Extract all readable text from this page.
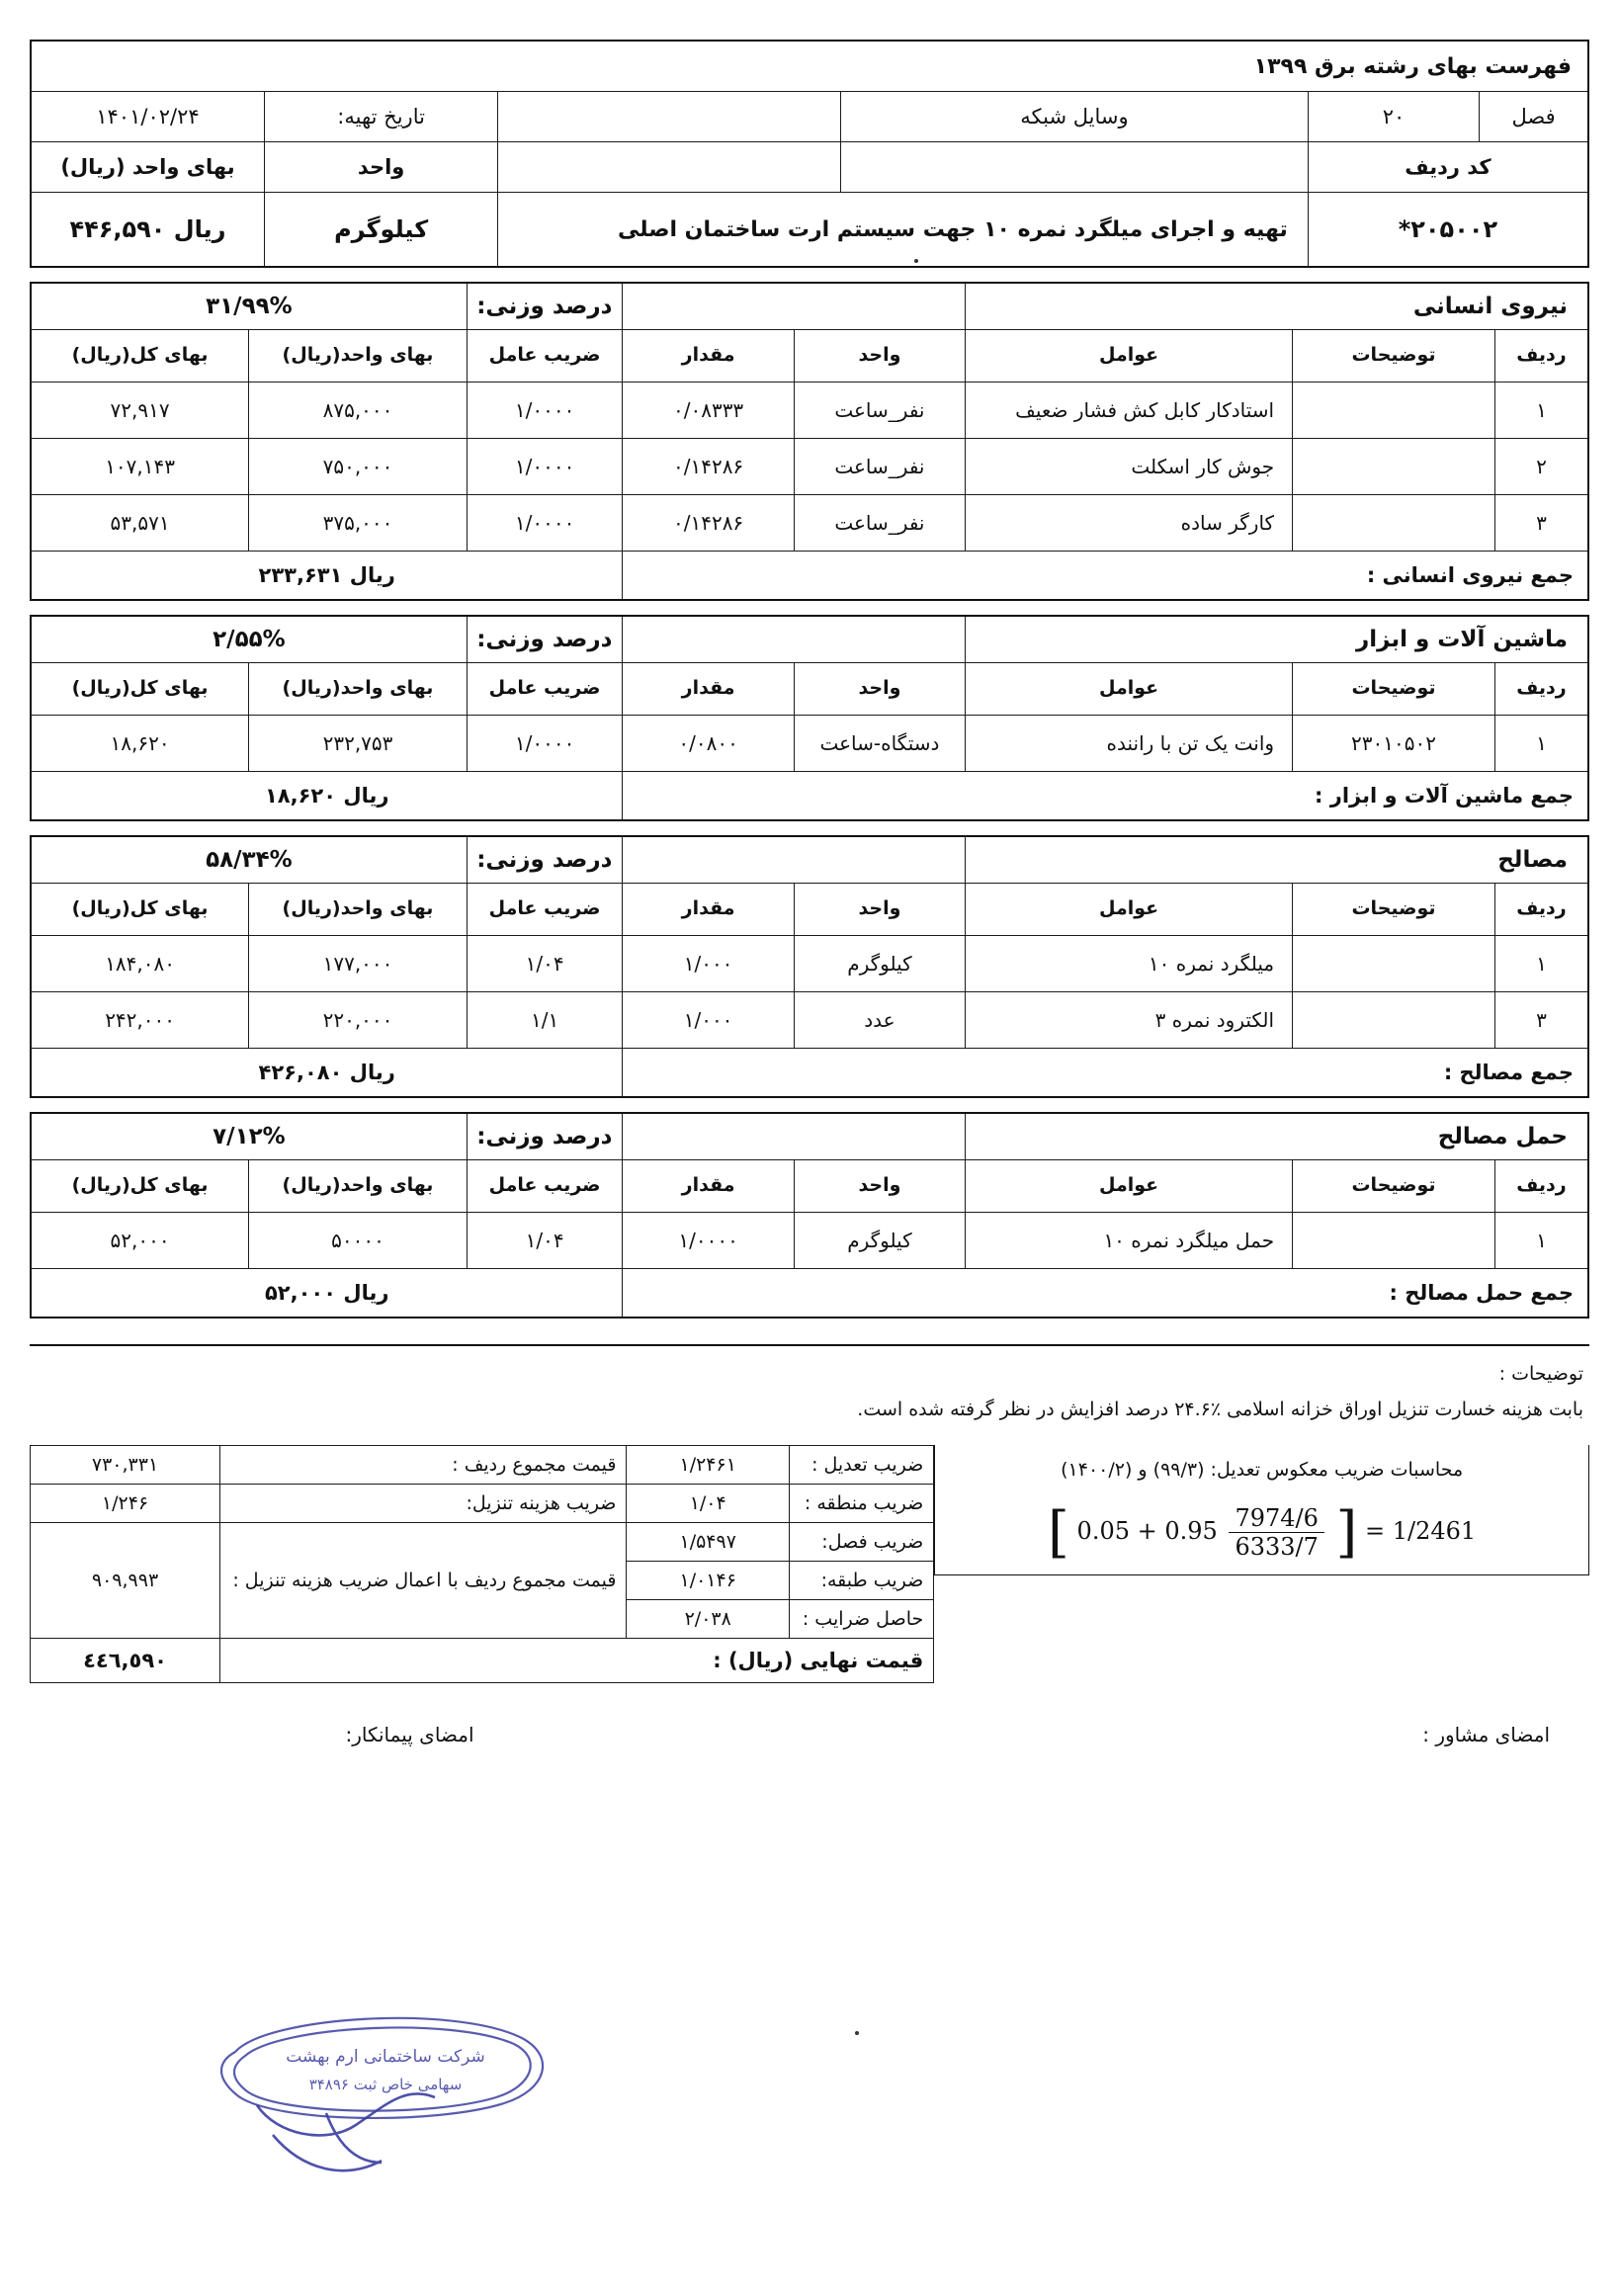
فهرست بهای رشته برق ۱۳۹۹					
فصل	۲۰	وسایل شبکه		تاریخ تهیه:	۱۴۰۱/۰۲/۲۴
کد ردیف				واحد	بهای واحد (ریال)
۲۰۵۰۰۲*		تهیه و اجرای میلگرد نمره ۱۰ جهت سیستم ارت ساختمان اصلی		کیلوگرم	ریال ۴۴۶,۵۹۰
نیروی انسانی					درصد وزنی:	۳۱/۹۹%	
ردیف	توضیحات	عوامل	واحد	مقدار	ضریب عامل	بهای واحد(ریال)	بهای کل(ریال)
۱		استادکار کابل کش فشار ضعیف	نفر_ساعت	۰/۰۸۳۳۳	۱/۰۰۰۰	۸۷۵,۰۰۰	۷۲,۹۱۷
۲		جوش کار اسکلت	نفر_ساعت	۰/۱۴۲۸۶	۱/۰۰۰۰	۷۵۰,۰۰۰	۱۰۷,۱۴۳
۳		کارگر ساده	نفر_ساعت	۰/۱۴۲۸۶	۱/۰۰۰۰	۳۷۵,۰۰۰	۵۳,۵۷۱
جمع نیروی انسانی :					ریال ۲۳۳,۶۳۱		
ماشین آلات و ابزار					درصد وزنی:	۲/۵۵%	
ردیف	توضیحات	عوامل	واحد	مقدار	ضریب عامل	بهای واحد(ریال)	بهای کل(ریال)
۱	۲۳۰۱۰۵۰۲	وانت یک تن با راننده	دستگاه-ساعت	۰/۰۸۰۰	۱/۰۰۰۰	۲۳۲,۷۵۳	۱۸,۶۲۰
جمع ماشین آلات و ابزار :					ریال ۱۸,۶۲۰		
مصالح					درصد وزنی:	۵۸/۳۴%	
ردیف	توضیحات	عوامل	واحد	مقدار	ضریب عامل	بهای واحد(ریال)	بهای کل(ریال)
۱		میلگرد نمره ۱۰	کیلوگرم	۱/۰۰۰	۱/۰۴	۱۷۷,۰۰۰	۱۸۴,۰۸۰
۳		الکترود نمره ۳	عدد	۱/۰۰۰	۱/۱	۲۲۰,۰۰۰	۲۴۲,۰۰۰
جمع مصالح :					ریال ۴۲۶,۰۸۰		
حمل مصالح					درصد وزنی:	۷/۱۲%	
ردیف	توضیحات	عوامل	واحد	مقدار	ضریب عامل	بهای واحد(ریال)	بهای کل(ریال)
۱		حمل میلگرد نمره ۱۰	کیلوگرم	۱/۰۰۰۰	۱/۰۴	۵۰۰۰۰	۵۲,۰۰۰
جمع حمل مصالح :					ریال ۵۲,۰۰۰		
توضیحات :
بابت هزینه خسارت تنزیل اوراق خزانه اسلامی ٪۲۴.۶ درصد افزایش در نظر گرفته شده است.
محاسبات ضریب معکوس تعدیل: (۹۹/۳) و (۱۴۰۰/۲)
[ $0.05 + 0.95 \frac{7974/6}{6333/7}$ ] = 1/2461
ضریب تعدیل :	۱/۲۴۶۱	قیمت مجموع ردیف :	۷۳۰,۳۳۱
ضریب منطقه :	۱/۰۴	ضریب هزینه تنزیل:	۱/۲۴۶
ضریب فصل:	۱/۵۴۹۷	قیمت مجموع ردیف با اعمال ضریب هزینه تنزیل :	۹۰۹,۹۹۳
ضریب طبقه:	۱/۰۱۴۶		
حاصل ضرایب :	۲/۰۳۸		
قیمت نهایی (ریال) :			٤٤٦,٥٩٠
امضای مشاور :
امضای پیمانکار:
شرکت ساختمانی ارم بهشت
سهامی خاص ثبت ۳۴۸۹۶
